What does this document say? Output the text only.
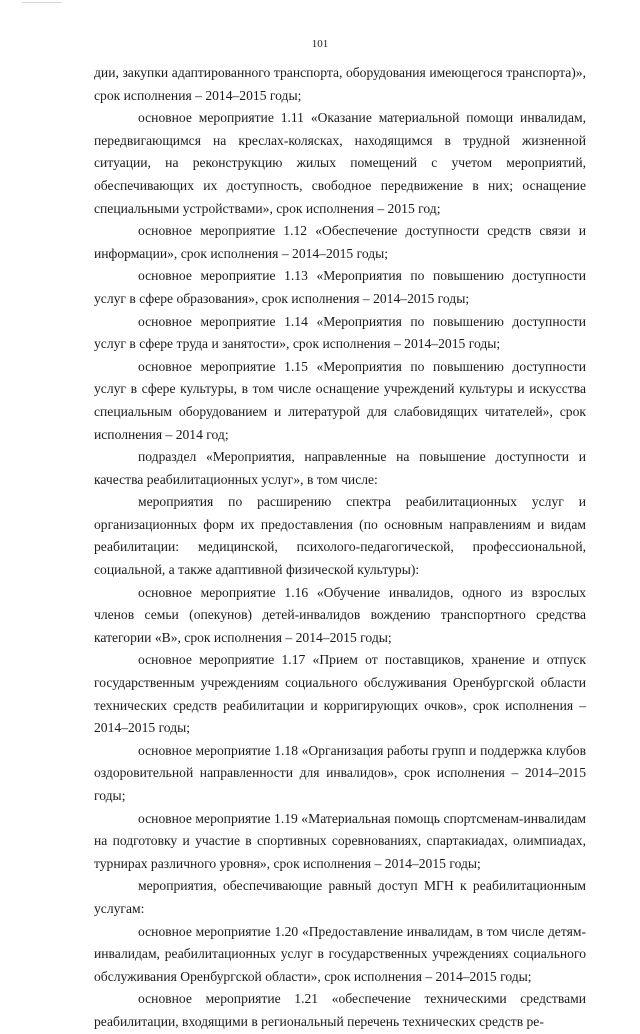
101

дии, закупки адаптированного транспорта, оборудования имеющегося транспорта)», срок исполнения – 2014–2015 годы;

основное мероприятие 1.11 «Оказание материальной помощи инвалидам, передвигающимся на креслах-колясках, находящимся в трудной жизненной ситуации, на реконструкцию жилых помещений с учетом мероприятий, обеспечивающих их доступность, свободное передвижение в них; оснащение специальными устройствами», срок исполнения – 2015 год;

основное мероприятие 1.12 «Обеспечение доступности средств связи и информации», срок исполнения – 2014–2015 годы;

основное мероприятие 1.13 «Мероприятия по повышению доступности услуг в сфере образования», срок исполнения – 2014–2015 годы;

основное мероприятие 1.14 «Мероприятия по повышению доступности услуг в сфере труда и занятости», срок исполнения – 2014–2015 годы;

основное мероприятие 1.15 «Мероприятия по повышению доступности услуг в сфере культуры, в том числе оснащение учреждений культуры и искусства специальным оборудованием и литературой для слабовидящих читателей», срок исполнения – 2014 год;

подраздел «Мероприятия, направленные на повышение доступности и качества реабилитационных услуг», в том числе:

мероприятия по расширению спектра реабилитационных услуг и организационных форм их предоставления (по основным направлениям и видам реабилитации: медицинской, психолого-педагогической, профессиональной, социальной, а также адаптивной физической культуры):

основное мероприятие 1.16 «Обучение инвалидов, одного из взрослых членов семьи (опекунов) детей-инвалидов вождению транспортного средства категории «В», срок исполнения – 2014–2015 годы;

основное мероприятие 1.17 «Прием от поставщиков, хранение и отпуск государственным учреждениям социального обслуживания Оренбургской области технических средств реабилитации и корригирующих очков», срок исполнения – 2014–2015 годы;

основное мероприятие 1.18 «Организация работы групп и поддержка клубов оздоровительной направленности для инвалидов», срок исполнения – 2014–2015 годы;

основное мероприятие 1.19 «Материальная помощь спортсменам-инвалидам на подготовку и участие в спортивных соревнованиях, спартакиадах, олимпиадах, турнирах различного уровня», срок исполнения – 2014–2015 годы;

мероприятия, обеспечивающие равный доступ МГН к реабилитационным услугам:

основное мероприятие 1.20 «Предоставление инвалидам, в том числе детям-инвалидам, реабилитационных услуг в государственных учреждениях социального обслуживания Оренбургской области», срок исполнения – 2014–2015 годы;

основное мероприятие 1.21 «обеспечение техническими средствами реабилитации, входящими в региональный перечень технических средств ре-
